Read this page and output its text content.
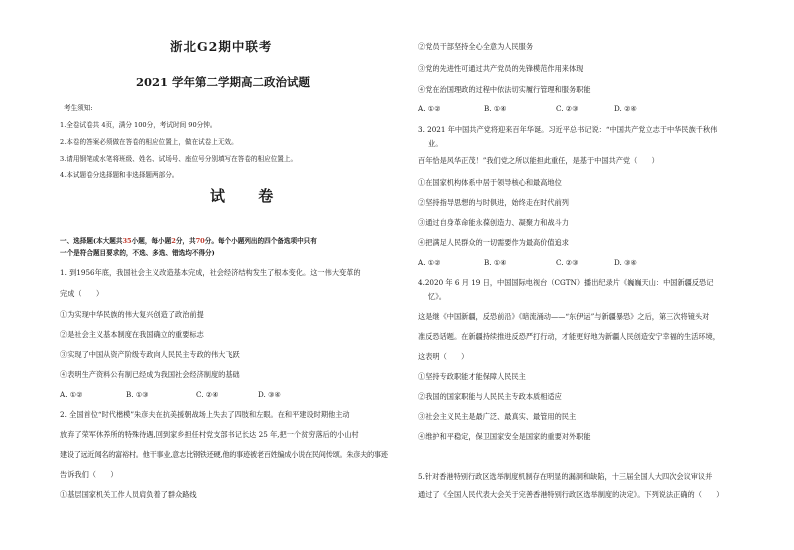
浙北G2期中联考
2021 学年第二学期高二政治试题
考生须知:
1.全卷试卷共 4页，满分 100分，考试时间 90分钟。
2.本卷的答案必须做在答卷的相应位置上，做在试卷上无效。
3.请用钢笔或水笔将班级、姓名、试场号、座位号分别填写在答卷的相应位置上。
4.本试题卷分选择题和非选择题两部分。
试 卷
一、选择题(本大题共35小题，每小题2分，共70分。每个小题列出的四个备选项中只有
一个是符合题目要求的，不选、多选、错选均不得分)
1. 到1956年底，我国社会主义改造基本完成，社会经济结构发生了根本变化。这一伟大变革的
完成（　　）
①为实现中华民族的伟大复兴创造了政治前提
②是社会主义基本制度在我国确立的重要标志
③实现了中国从资产阶级专政向人民民主专政的伟大飞跃
④表明生产资料公有制已经成为我国社会经济制度的基础
A. ①②	B. ①③	C. ②④	D. ③④
2. 全国首位“时代楷模”朱彦夫在抗美援朝战场上失去了四肢和左眼。在和平建设时期他主动
放弃了荣军休养所的特殊待遇,回到家乡担任村党支部书记长达 25 年,把一个贫穷落后的小山村
建设了远近闻名的富裕村。他干事业,意志比钢铁还硬,他的事迹被老百姓编成小说在民间传颂。朱彦夫的事迹
告诉我们（　　）
①基层国家机关工作人员肩负着了群众路线
②党员干部坚持全心全意为人民服务
③党的先进性可通过共产党员的先锋模范作用来体现
④党在治国理政的过程中依法切实履行管理和服务职能
A. ①②	B. ①④	C. ②③	D. ②④
3. 2021 年中国共产党将迎来百年华诞。习近平总书记说：“中国共产党立志于中华民族千秋伟
业。
百年恰是风华正茂！”我们党之所以能担此重任，是基于中国共产党（　　）
①在国家机构体系中居于领导核心和最高地位
②坚持指导思想的与时俱进，始终走在时代前列
③通过自身革命能永葆创造力、凝聚力和战斗力
④把满足人民群众的一切需要作为最高价值追求
A. ①②	B. ①④	C. ②③	D. ③④
4.2020 年 6 月 19 日，中国国际电视台（CGTN）播出纪录片《巍巍天山：中国新疆反恐记
忆》。
这是继《中国新疆，反恐前沿》《暗流涌动——“东伊运”与新疆暴恐》之后，第三次将镜头对
准反恐话题。在新疆持续推进反恐严打行动，才能更好地为新疆人民创造安宁幸福的生活环境，
这表明（　　）
①坚持专政职能才能保障人民民主
②我国的国家职能与人民民主专政本质相适应
③社会主义民主是最广泛、最真实、最管用的民主
④维护和平稳定，保卫国家安全是国家的重要对外职能
5.针对香港特别行政区选举制度机制存在明显的漏洞和缺陷，十三届全国人大四次会议审议并
通过了《全国人民代表大会关于完善香港特别行政区选举制度的决定》。下列说法正确的（　　）
